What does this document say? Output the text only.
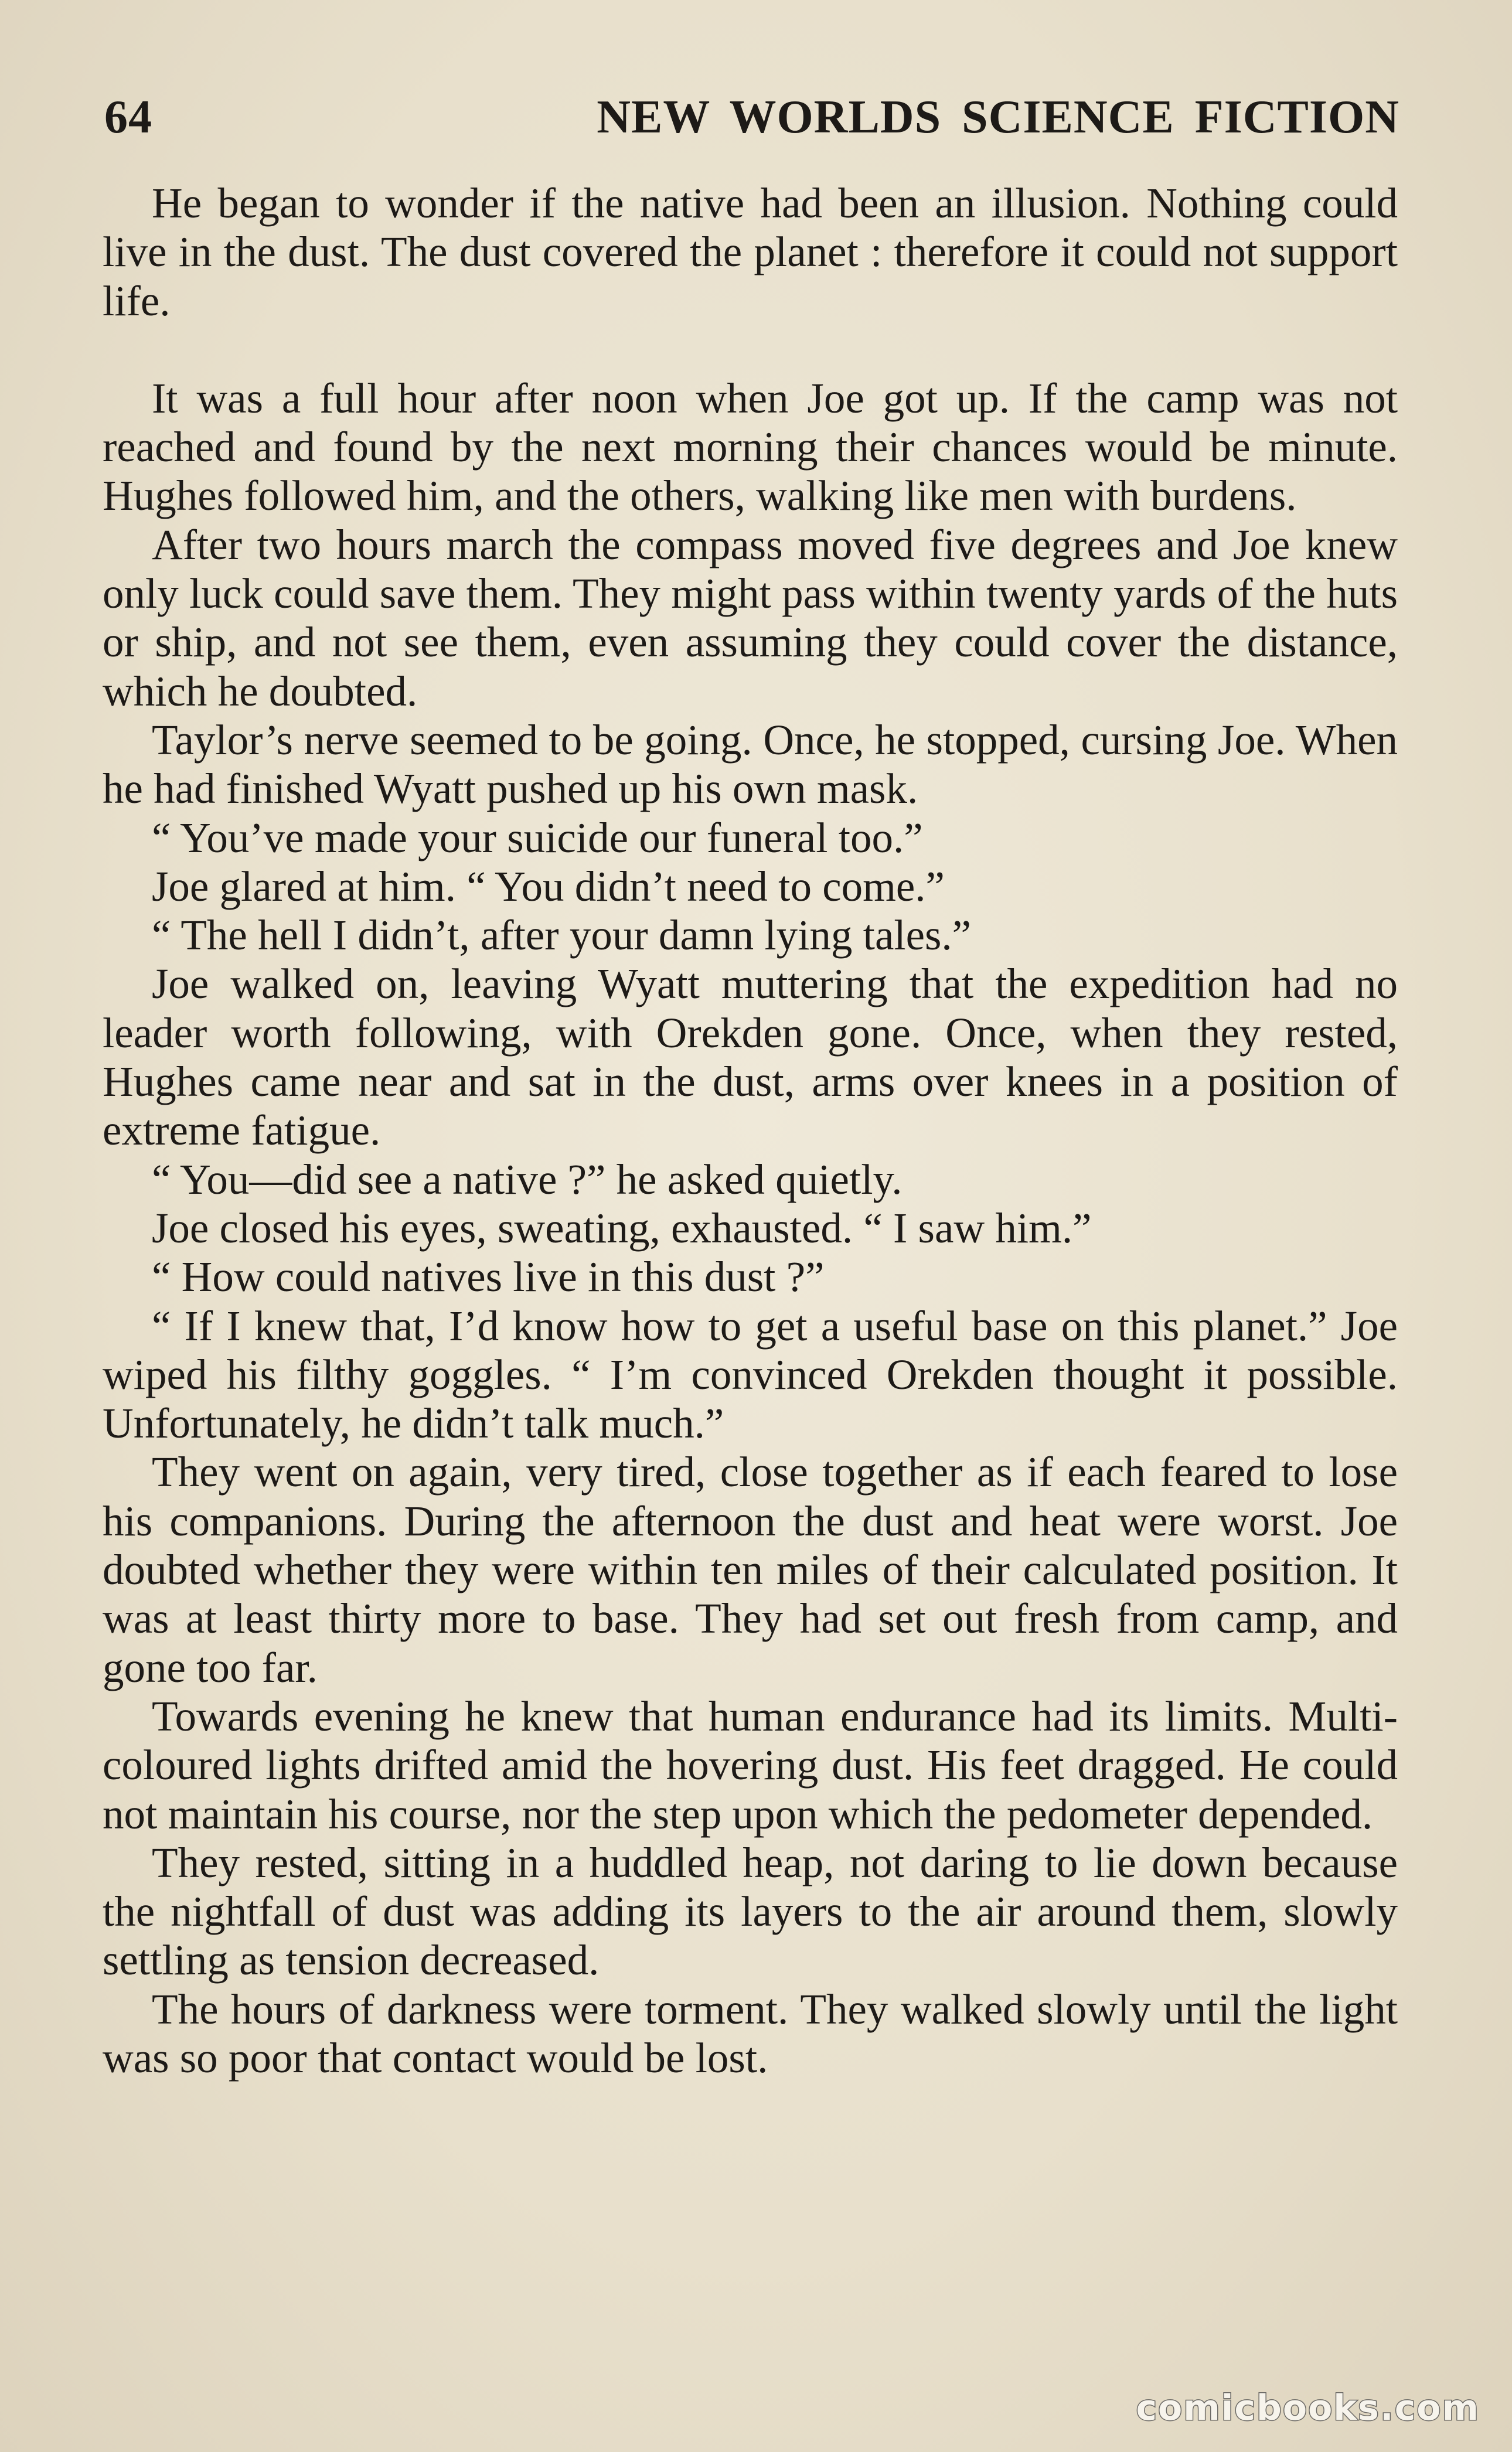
64	NEW WORLDS SCIENCE FICTION

He began to wonder if the native had been an illusion. Nothing could live in the dust. The dust covered the planet : therefore it could not support life.

It was a full hour after noon when Joe got up. If the camp was not reached and found by the next morning their chances would be minute. Hughes followed him, and the others, walking like men with burdens.

After two hours march the compass moved five degrees and Joe knew only luck could save them. They might pass within twenty yards of the huts or ship, and not see them, even assuming they could cover the distance, which he doubted.

Taylor’s nerve seemed to be going. Once, he stopped, cursing Joe. When he had finished Wyatt pushed up his own mask.

“ You’ve made your suicide our funeral too.”

Joe glared at him. “ You didn’t need to come.”

“ The hell I didn’t, after your damn lying tales.”

Joe walked on, leaving Wyatt muttering that the expedition had no leader worth following, with Orekden gone. Once, when they rested, Hughes came near and sat in the dust, arms over knees in a position of extreme fatigue.

“ You—did see a native ?” he asked quietly.

Joe closed his eyes, sweating, exhausted. “ I saw him.”

“ How could natives live in this dust ?”

“ If I knew that, I’d know how to get a useful base on this planet.” Joe wiped his filthy goggles. “ I’m convinced Orekden thought it possible. Unfortunately, he didn’t talk much.”

They went on again, very tired, close together as if each feared to lose his companions. During the afternoon the dust and heat were worst. Joe doubted whether they were within ten miles of their calculated position. It was at least thirty more to base. They had set out fresh from camp, and gone too far.

Towards evening he knew that human endurance had its limits. Multi-coloured lights drifted amid the hovering dust. His feet dragged. He could not maintain his course, nor the step upon which the pedometer depended.

They rested, sitting in a huddled heap, not daring to lie down because the nightfall of dust was adding its layers to the air around them, slowly settling as tension decreased.

The hours of darkness were torment. They walked slowly until the light was so poor that contact would be lost.

comicbooks.com
